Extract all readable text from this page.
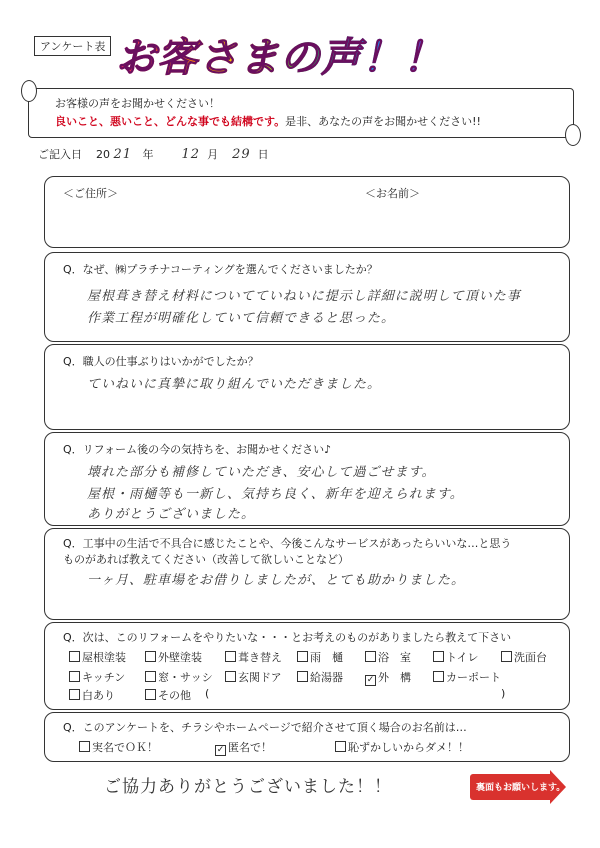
アンケート表 お客さまの声！！
お客様の声をお聞かせください！
良いこと、悪いこと、どんな事でも結構です。是非、あなたの声をお聞かせください!!
ご記入日 20 21 年 12 月 29 日
＜ご住所＞	＜お名前＞
Q．なぜ、㈱プラチナコーティングを選んでくださいましたか？
屋根葺き替え材料についてていねいに提示し詳細に説明して頂いた事
作業工程が明確化していて信頼できると思った。
Q．職人の仕事ぶりはいかがでしたか？
ていねいに真摯に取り組んでいただきました。
Q．リフォーム後の今の気持ちを、お聞かせください♪
壊れた部分も補修していただき、安心して過ごせます。
屋根・雨樋等も一新し、気持ち良く、新年を迎えられます。
ありがとうございました。
Q．工事中の生活で不具合に感じたことや、今後こんなサービスがあったらいいな…と思う
ものがあれば教えてください（改善して欲しいことなど）
一ヶ月、駐車場をお借りしましたが、とても助かりました。
Q．次は、このリフォームをやりたいな・・・とお考えのものがありましたら教えて下さい
屋根塗装	外壁塗装	葺き替え	雨　樋	浴　室	トイレ	洗面台
キッチン	窓・サッシ	玄関ドア	給湯器	✓ 外　構	カーポート
白あり	その他 (	)
Q．このアンケートを、チラシやホームページで紹介させて頂く場合のお名前は…
実名でＯＫ！	✓ 匿名で！	恥ずかしいからダメ！！
ご協力ありがとうございました！！	裏面もお願いします。
